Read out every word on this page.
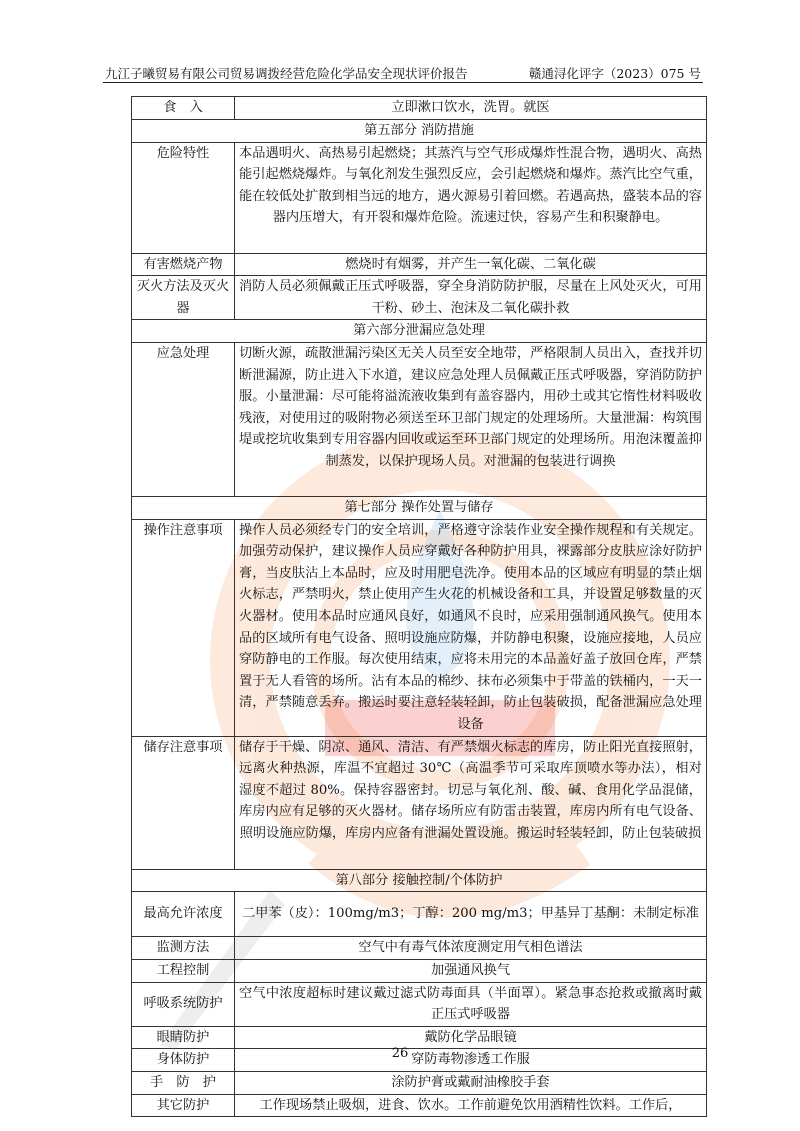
九江子曦贸易有限公司贸易调拨经营危险化学品安全现状评价报告	赣通浔化评字（2023）075 号
食　入	立即漱口饮水，洗胃。就医
第五部分 消防措施	
危险特性	本品遇明火、高热易引起燃烧；其蒸汽与空气形成爆炸性混合物，遇明火、高热能引起燃烧爆炸。与氧化剂发生强烈反应，会引起燃烧和爆炸。蒸汽比空气重，能在较低处扩散到相当远的地方，遇火源易引着回燃。若遇高热，盛装本品的容器内压增大，有开裂和爆炸危险。流速过快，容易产生和积聚静电。
有害燃烧产物	燃烧时有烟雾，并产生一氧化碳、二氧化碳
灭火方法及灭火器	消防人员必须佩戴正压式呼吸器，穿全身消防防护服，尽量在上风处灭火，可用干粉、砂土、泡沫及二氧化碳扑救
第六部分泄漏应急处理	
应急处理	切断火源，疏散泄漏污染区无关人员至安全地带，严格限制人员出入，查找并切断泄漏源，防止进入下水道，建议应急处理人员佩戴正压式呼吸器，穿消防防护服。小量泄漏：尽可能将溢流液收集到有盖容器内，用砂土或其它惰性材料吸收残液，对使用过的吸附物必须送至环卫部门规定的处理场所。大量泄漏：构筑围堤或挖坑收集到专用容器内回收或运至环卫部门规定的处理场所。用泡沫覆盖抑制蒸发，以保护现场人员。对泄漏的包装进行调换
第七部分 操作处置与储存	
操作注意事项	操作人员必须经专门的安全培训，严格遵守涂装作业安全操作规程和有关规定。加强劳动保护，建议操作人员应穿戴好各种防护用具，裸露部分皮肤应涂好防护膏，当皮肤沾上本品时，应及时用肥皂洗净。使用本品的区域应有明显的禁止烟火标志，严禁明火，禁止使用产生火花的机械设备和工具，并设置足够数量的灭火器材。使用本品时应通风良好，如通风不良时，应采用强制通风换气。使用本品的区域所有电气设备、照明设施应防爆，并防静电积聚，设施应接地，人员应穿防静电的工作服。每次使用结束，应将未用完的本品盖好盖子放回仓库，严禁置于无人看管的场所。沾有本品的棉纱、抹布必须集中于带盖的铁桶内，一天一清，严禁随意丢弃。搬运时要注意轻装轻卸，防止包装破损，配备泄漏应急处理设备
储存注意事项	储存于干燥、阴凉、通风、清洁、有严禁烟火标志的库房，防止阳光直接照射，远离火种热源，库温不宜超过 30℃（高温季节可采取库顶喷水等办法），相对湿度不超过 80%。保持容器密封。切忌与氧化剂、酸、碱、食用化学品混储，库房内应有足够的灭火器材。储存场所应有防雷击装置，库房内所有电气设备、照明设施应防爆，库房内应备有泄漏处置设施。搬运时轻装轻卸，防止包装破损
第八部分 接触控制/个体防护	
最高允许浓度	二甲苯（皮）：100mg/m3；丁醇：200 mg/m3；甲基异丁基酮：未制定标准
监测方法	空气中有毒气体浓度测定用气相色谱法
工程控制	加强通风换气
呼吸系统防护	空气中浓度超标时建议戴过滤式防毒面具（半面罩）。紧急事态抢救或撤离时戴正压式呼吸器
眼睛防护	戴防化学品眼镜
身体防护	穿防毒物渗透工作服
手　防　护	涂防护膏或戴耐油橡胶手套
其它防护	工作现场禁止吸烟，进食、饮水。工作前避免饮用酒精性饮料。工作后，
26
